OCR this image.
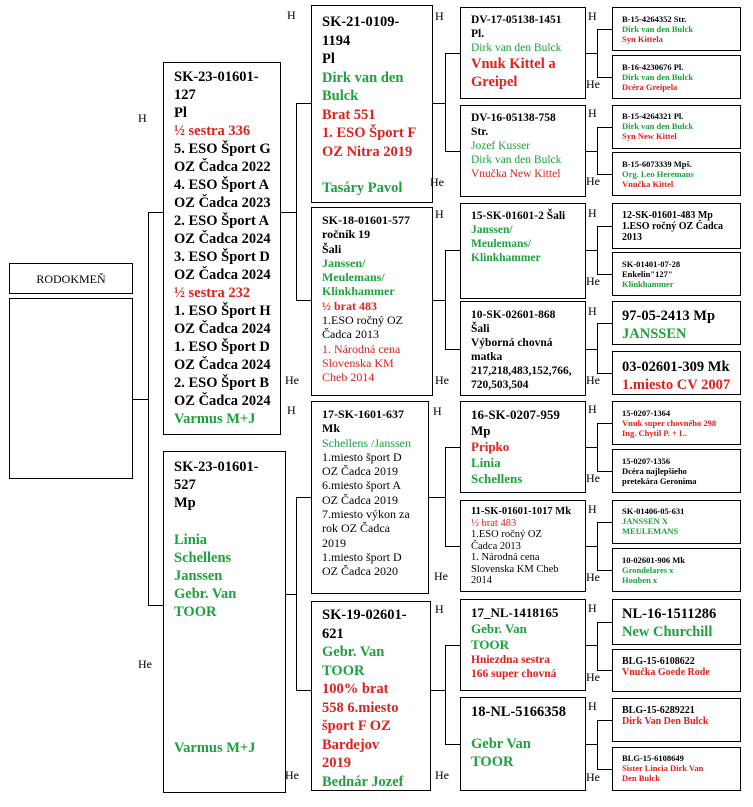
RODOKMEŇ
SK-23-01601-
127
Pl
½ sestra 336
5. ESO Šport G
OZ Čadca 2022
4. ESO Šport A
OZ Čadca 2023
2. ESO Šport A
OZ Čadca 2024
3. ESO Šport D
OZ Čadca 2024
½ sestra 232
1. ESO Šport H
OZ Čadca 2024
1. ESO Šport D
OZ Čadca 2024
2. ESO Šport B
OZ Čadca 2024
Varmus M+J
SK-23-01601-
527
Mp
Linia
Schellens
Janssen
Gebr. Van
TOOR
Varmus M+J
SK-21-0109-
1194
Pl
Dirk van den
Bulck
Brat 551
1. ESO Šport F
OZ Nitra 2019
Tasáry Pavol
SK-18-01601-577
ročník 19
Šali
Janssen/
Meulemans/
Klinkhammer
½ brat 483
1.ESO ročný OZ
Čadca 2013
1. Národná cena
Slovenska KM
Cheb 2014
17-SK-1601-637
Mk
Schellens /Janssen
1.miesto šport D
OZ Čadca 2019
6.miesto šport A
OZ Čadca 2019
7.miesto výkon za
rok OZ Čadca
2019
1.miesto šport D
OZ Čadca 2020
SK-19-02601-
621
Gebr. Van
TOOR
100% brat
558 6.miesto
šport F OZ
Bardejov
2019
Bednár Jozef
DV-17-05138-1451
Pl.
Dirk van den Bulck
Vnuk Kittel a
Greipel
DV-16-05138-758
Str.
Jozef Kusser
Dirk van den Bulck
Vnučka New Kittel
15-SK-01601-2 Šali
Janssen/
Meulemans/
Klinkhammer
10-SK-02601-868
Šali
Výborná chovná
matka
217,218,483,152,766,
720,503,504
16-SK-0207-959
Mp
Pripko
Linia
Schellens
11-SK-01601-1017 Mk
½ brat 483
1.ESO ročný OZ
Čadca 2013
1. Národná cena
Slovenska KM Cheb
2014
17_NL-1418165
Gebr. Van
TOOR
Hniezdna sestra
166 super chovná
18-NL-5166358
Gebr Van
TOOR
B-15-4264352 Str.
Dirk van den Bulck
Syn Kittela
B-16-4230676 Pl.
Dirk van den Bulck
Dcéra Greipela
B-15-4264321 Pl.
Dirk van den Bulck
Syn New Kittel
B-15-6073339 Mpš.
Org. Leo Heremans
Vnučka Kittel
12-SK-01601-483 Mp
1.ESO ročný OZ Čadca
2013
SK-01401-07-28
Enkelin"127"
Klinkhammer
97-05-2413 Mp
JANSSEN
03-02601-309 Mk
1.miesto CV 2007
15-0207-1364
Vnuk super chovného 298
Ing. Chytil P. + L.
15-0207-1356
Dcéra najlepšieho
pretekára Geronima
SK-01406-05-631
JANSSEN X
MEULEMANS
10-02601-906 Mk
Grondelares x
Houben x
NL-16-1511286
New Churchill
BLG-15-6108622
Vnučka Goede Rode
BLG-15-6289221
Dirk Van Den Bulck
BLG-15-6108649
Sister Lincia Dirk Van
Den Bulck
H
He
H
He
H
He
H
He
H
He
H
He
H
He
H
He
H
He
H
He
H
He
H
He
H
He
H
He
H
He
